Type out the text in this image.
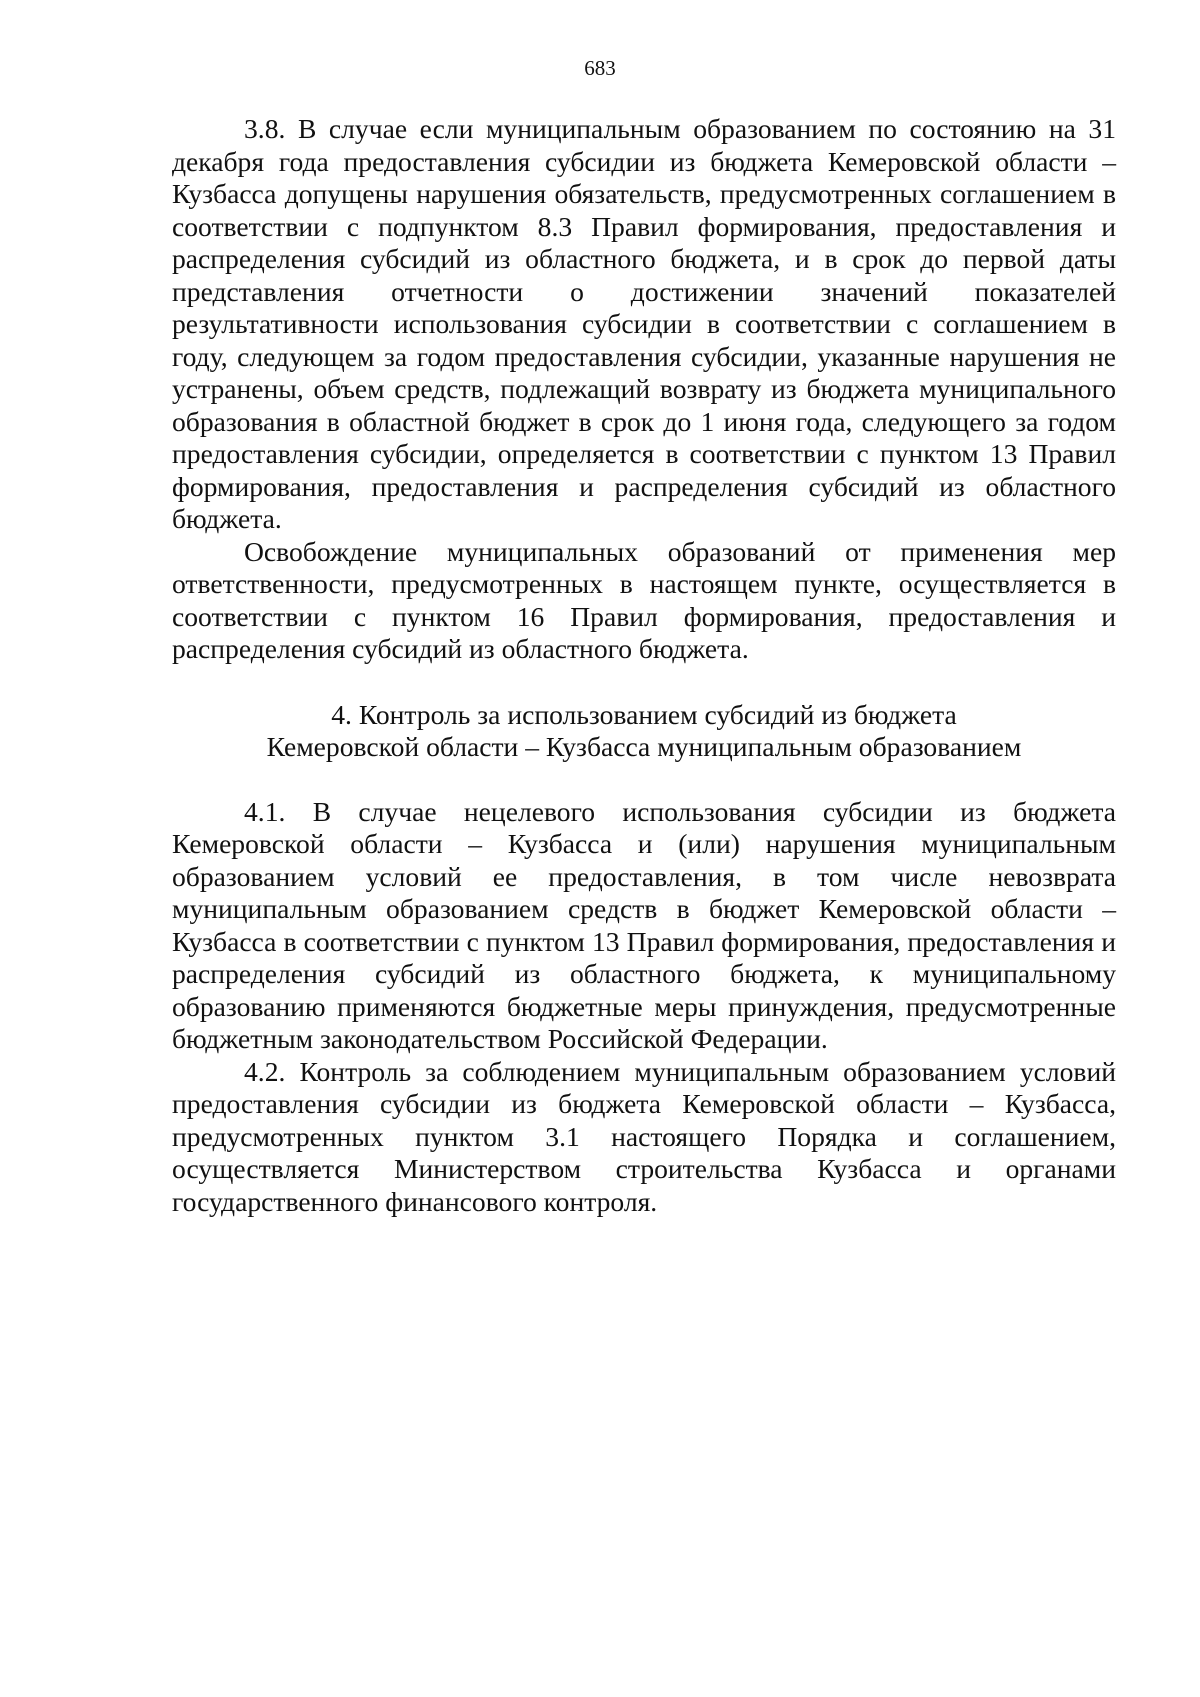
683

3.8. В случае если муниципальным образованием по состоянию на 31 декабря года предоставления субсидии из бюджета Кемеровской области – Кузбасса допущены нарушения обязательств, предусмотренных соглашением в соответствии с подпунктом 8.3 Правил формирования, предоставления и распределения субсидий из областного бюджета, и в срок до первой даты представления отчетности о достижении значений показателей результативности использования субсидии в соответствии с соглашением в году, следующем за годом предоставления субсидии, указанные нарушения не устранены, объем средств, подлежащий возврату из бюджета муниципального образования в областной бюджет в срок до 1 июня года, следующего за годом предоставления субсидии, определяется в соответствии с пунктом 13 Правил формирования, предоставления и распределения субсидий из областного бюджета.

Освобождение муниципальных образований от применения мер ответственности, предусмотренных в настоящем пункте, осуществляется в соответствии с пунктом 16 Правил формирования, предоставления и распределения субсидий из областного бюджета.

4. Контроль за использованием субсидий из бюджета
Кемеровской области – Кузбасса муниципальным образованием

4.1. В случае нецелевого использования субсидии из бюджета Кемеровской области – Кузбасса и (или) нарушения муниципальным образованием условий ее предоставления, в том числе невозврата муниципальным образованием средств в бюджет Кемеровской области – Кузбасса в соответствии с пунктом 13 Правил формирования, предоставления и распределения субсидий из областного бюджета, к муниципальному образованию применяются бюджетные меры принуждения, предусмотренные бюджетным законодательством Российской Федерации.

4.2. Контроль за соблюдением муниципальным образованием условий предоставления субсидии из бюджета Кемеровской области – Кузбасса, предусмотренных пунктом 3.1 настоящего Порядка и соглашением, осуществляется Министерством строительства Кузбасса и органами государственного финансового контроля.
